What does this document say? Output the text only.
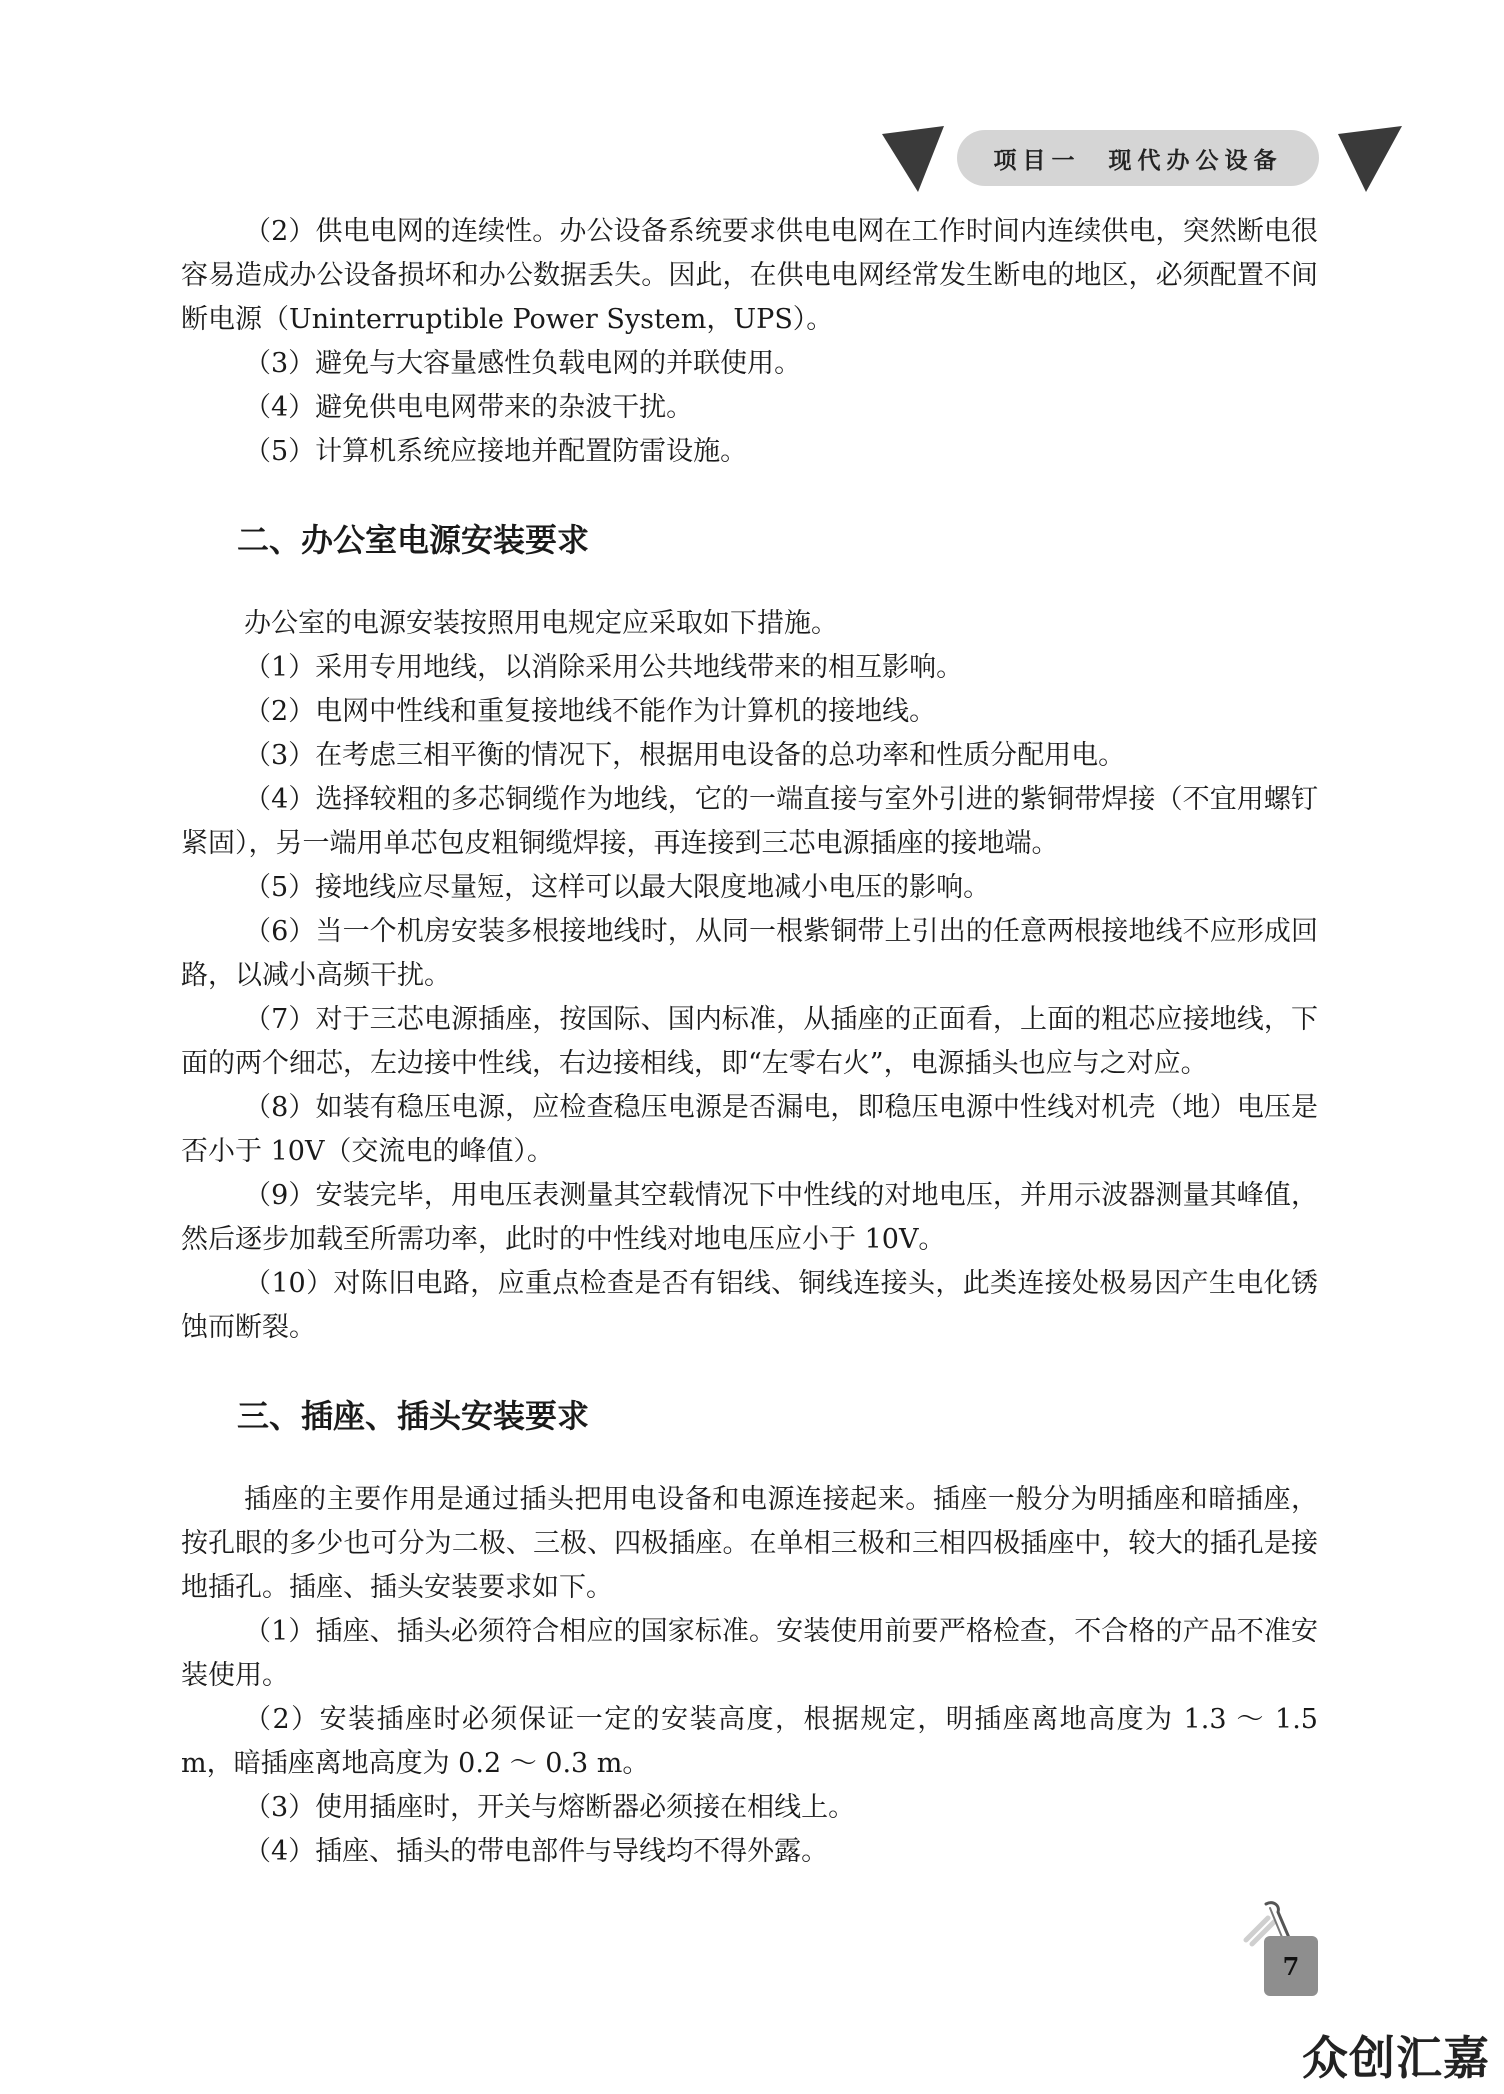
项目一  现代办公设备

（2）供电电网的连续性。办公设备系统要求供电电网在工作时间内连续供电，突然断电很容易造成办公设备损坏和办公数据丢失。因此，在供电电网经常发生断电的地区，必须配置不间断电源（Uninterruptible Power System，UPS）。

（3）避免与大容量感性负载电网的并联使用。

（4）避免供电电网带来的杂波干扰。

（5）计算机系统应接地并配置防雷设施。

二、办公室电源安装要求

办公室的电源安装按照用电规定应采取如下措施。

（1）采用专用地线，以消除采用公共地线带来的相互影响。

（2）电网中性线和重复接地线不能作为计算机的接地线。

（3）在考虑三相平衡的情况下，根据用电设备的总功率和性质分配用电。

（4）选择较粗的多芯铜缆作为地线，它的一端直接与室外引进的紫铜带焊接（不宜用螺钉紧固），另一端用单芯包皮粗铜缆焊接，再连接到三芯电源插座的接地端。

（5）接地线应尽量短，这样可以最大限度地减小电压的影响。

（6）当一个机房安装多根接地线时，从同一根紫铜带上引出的任意两根接地线不应形成回路，以减小高频干扰。

（7）对于三芯电源插座，按国际、国内标准，从插座的正面看，上面的粗芯应接地线，下面的两个细芯，左边接中性线，右边接相线，即“左零右火”，电源插头也应与之对应。

（8）如装有稳压电源，应检查稳压电源是否漏电，即稳压电源中性线对机壳（地）电压是否小于 10V（交流电的峰值）。

（9）安装完毕，用电压表测量其空载情况下中性线的对地电压，并用示波器测量其峰值，然后逐步加载至所需功率，此时的中性线对地电压应小于 10V。

（10）对陈旧电路，应重点检查是否有铝线、铜线连接头，此类连接处极易因产生电化锈蚀而断裂。

三、插座、插头安装要求

插座的主要作用是通过插头把用电设备和电源连接起来。插座一般分为明插座和暗插座，按孔眼的多少也可分为二极、三极、四极插座。在单相三极和三相四极插座中，较大的插孔是接地插孔。插座、插头安装要求如下。

（1）插座、插头必须符合相应的国家标准。安装使用前要严格检查，不合格的产品不准安装使用。

（2）安装插座时必须保证一定的安装高度，根据规定，明插座离地高度为 1.3 ～ 1.5 m，暗插座离地高度为 0.2 ～ 0.3 m。

（3）使用插座时，开关与熔断器必须接在相线上。

（4）插座、插头的带电部件与导线均不得外露。

7
众创汇嘉
